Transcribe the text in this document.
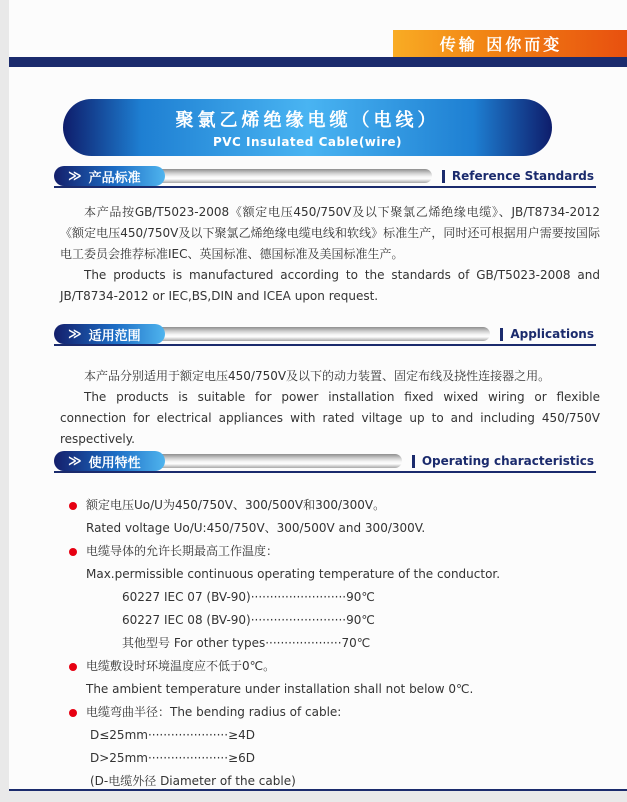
传输 因你而变
聚氯乙烯绝缘电缆（电线）
PVC Insulated Cable(wire)
≫ 产品标准	Reference Standards

本产品按GB/T5023-2008《额定电压450/750V及以下聚氯乙烯绝缘电缆》、JB/T8734-2012《额定电压450/750V及以下聚氯乙烯绝缘电缆电线和软线》标准生产，同时还可根据用户需要按国际电工委员会推荐标准IEC、英国标准、德国标准及美国标准生产。

The products is manufactured according to the standards of GB/T5023-2008 and JB/T8734-2012 or IEC,BS,DIN and ICEA upon request.

≫ 适用范围	Applications

本产品分别适用于额定电压450/750V及以下的动力装置、固定布线及挠性连接器之用。

The products is suitable for power installation fixed wixed wiring or flexible connection for electrical appliances with rated viltage up to and including 450/750V respectively.

≫ 使用特性	Operating characteristics
额定电压Uo/U为450/750V、300/500V和300/300V。
Rated voltage Uo/U:450/750V、300/500V and 300/300V.
电缆导体的允许长期最高工作温度：
Max.permissible continuous operating temperature of the conductor.
60227 IEC 07 (BV-90)·························90℃
60227 IEC 08 (BV-90)·························90℃
其他型号 For other types····················70℃
电缆敷设时环境温度应不低于0℃。
The ambient temperature under installation shall not below 0℃.
电缆弯曲半径：The bending radius of cable:
D≤25mm·····················≥4D
D>25mm·····················≥6D
(D-电缆外径 Diameter of the cable)
